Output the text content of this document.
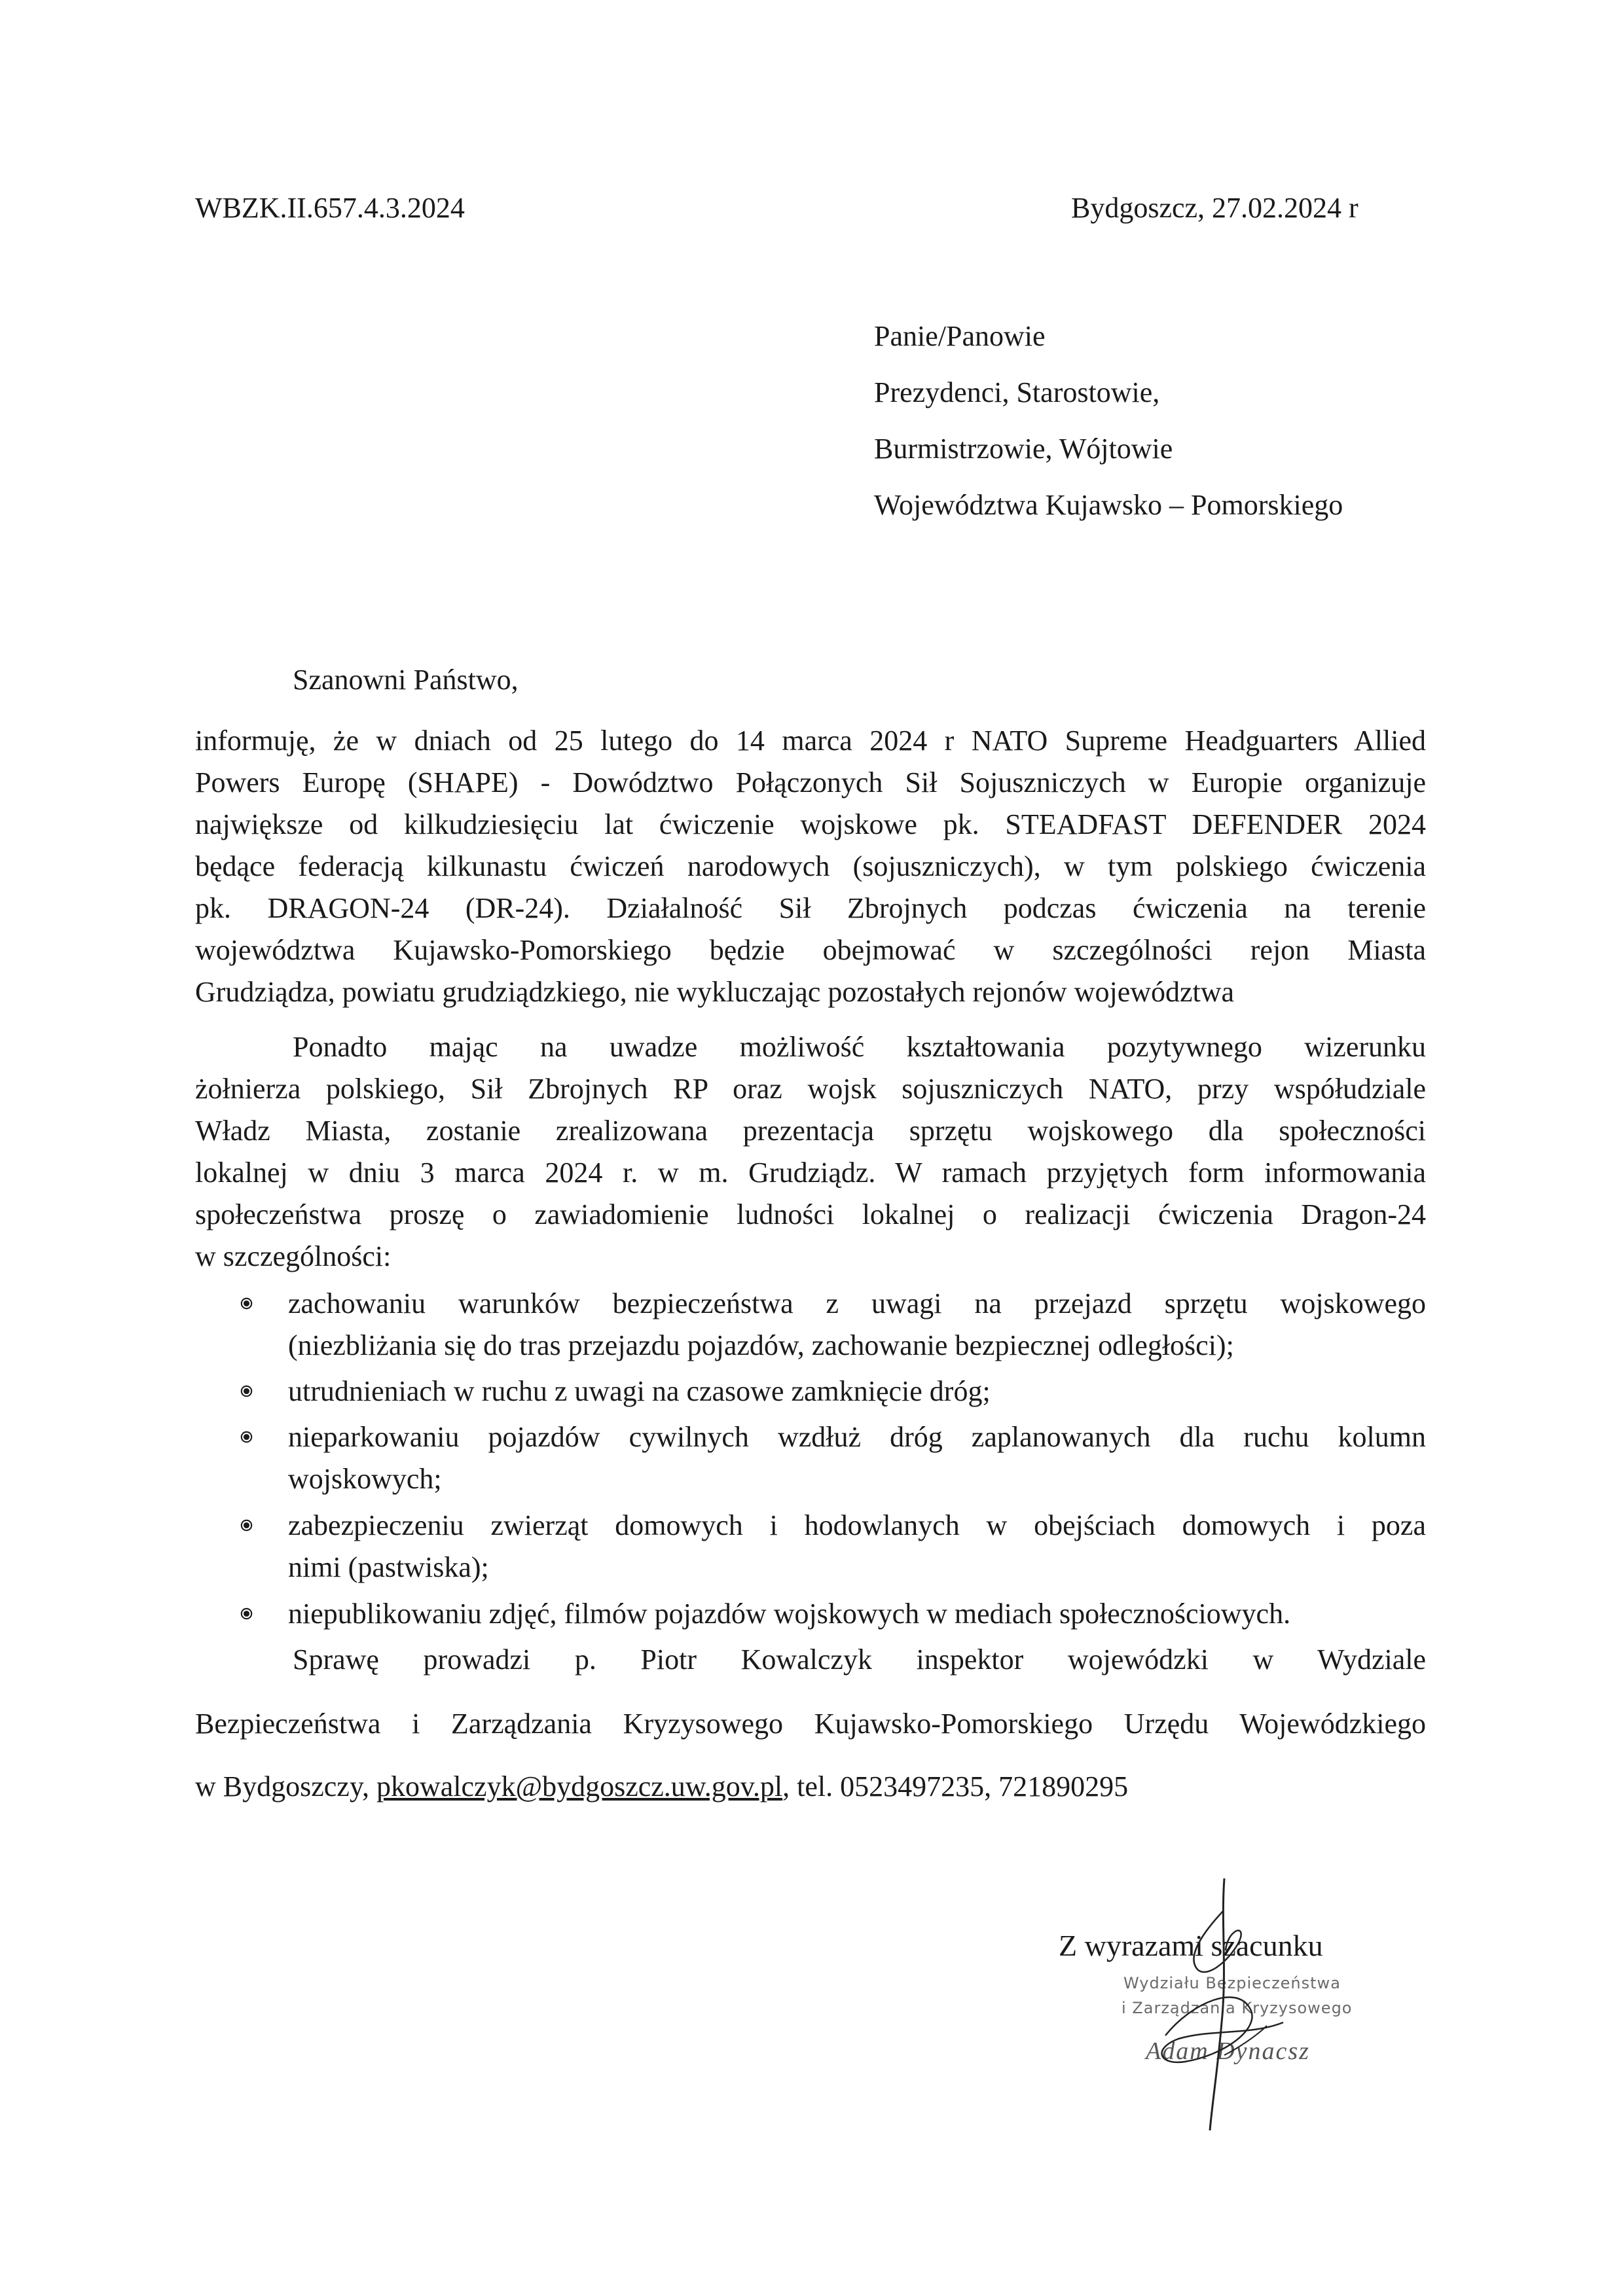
WBZK.II.657.4.3.2024	Bydgoszcz, 27.02.2024 r
Panie/Panowie
Prezydenci, Starostowie,
Burmistrzowie, Wójtowie
Województwa Kujawsko – Pomorskiego
Szanowni Państwo,
informuję, że w dniach od 25 lutego do 14 marca 2024 r NATO Supreme Headguarters Allied
Powers Europę (SHAPE) - Dowództwo Połączonych Sił Sojuszniczych w Europie organizuje
największe od kilkudziesięciu lat ćwiczenie wojskowe pk. STEADFAST DEFENDER 2024
będące federacją kilkunastu ćwiczeń narodowych (sojuszniczych), w tym polskiego ćwiczenia
pk. DRAGON-24 (DR-24). Działalność Sił Zbrojnych podczas ćwiczenia na terenie
województwa Kujawsko-Pomorskiego będzie obejmować w szczególności rejon Miasta
Grudziądza, powiatu grudziądzkiego, nie wykluczając pozostałych rejonów województwa
Ponadto mając na uwadze możliwość kształtowania pozytywnego wizerunku
żołnierza polskiego, Sił Zbrojnych RP oraz wojsk sojuszniczych NATO, przy współudziale
Władz Miasta, zostanie zrealizowana prezentacja sprzętu wojskowego dla społeczności
lokalnej w dniu 3 marca 2024 r. w m. Grudziądz. W ramach przyjętych form informowania
społeczeństwa proszę o zawiadomienie ludności lokalnej o realizacji ćwiczenia Dragon-24
w szczególności:
zachowaniu warunków bezpieczeństwa z uwagi na przejazd sprzętu wojskowego
(niezbliżania się do tras przejazdu pojazdów, zachowanie bezpiecznej odległości);
utrudnieniach w ruchu z uwagi na czasowe zamknięcie dróg;
nieparkowaniu pojazdów cywilnych wzdłuż dróg zaplanowanych dla ruchu kolumn
wojskowych;
zabezpieczeniu zwierząt domowych i hodowlanych w obejściach domowych i poza
nimi (pastwiska);
niepublikowaniu zdjęć, filmów pojazdów wojskowych w mediach społecznościowych.
Sprawę prowadzi p. Piotr Kowalczyk inspektor wojewódzki w Wydziale
Bezpieczeństwa i Zarządzania Kryzysowego Kujawsko-Pomorskiego Urzędu Wojewódzkiego
w Bydgoszczy, pkowalczyk@bydgoszcz.uw.gov.pl, tel. 0523497235, 721890295
Z wyrazami szacunku
Wydziału Bezpieczeństwa
i Zarządzania Kryzysowego
Adam Dynacsz
